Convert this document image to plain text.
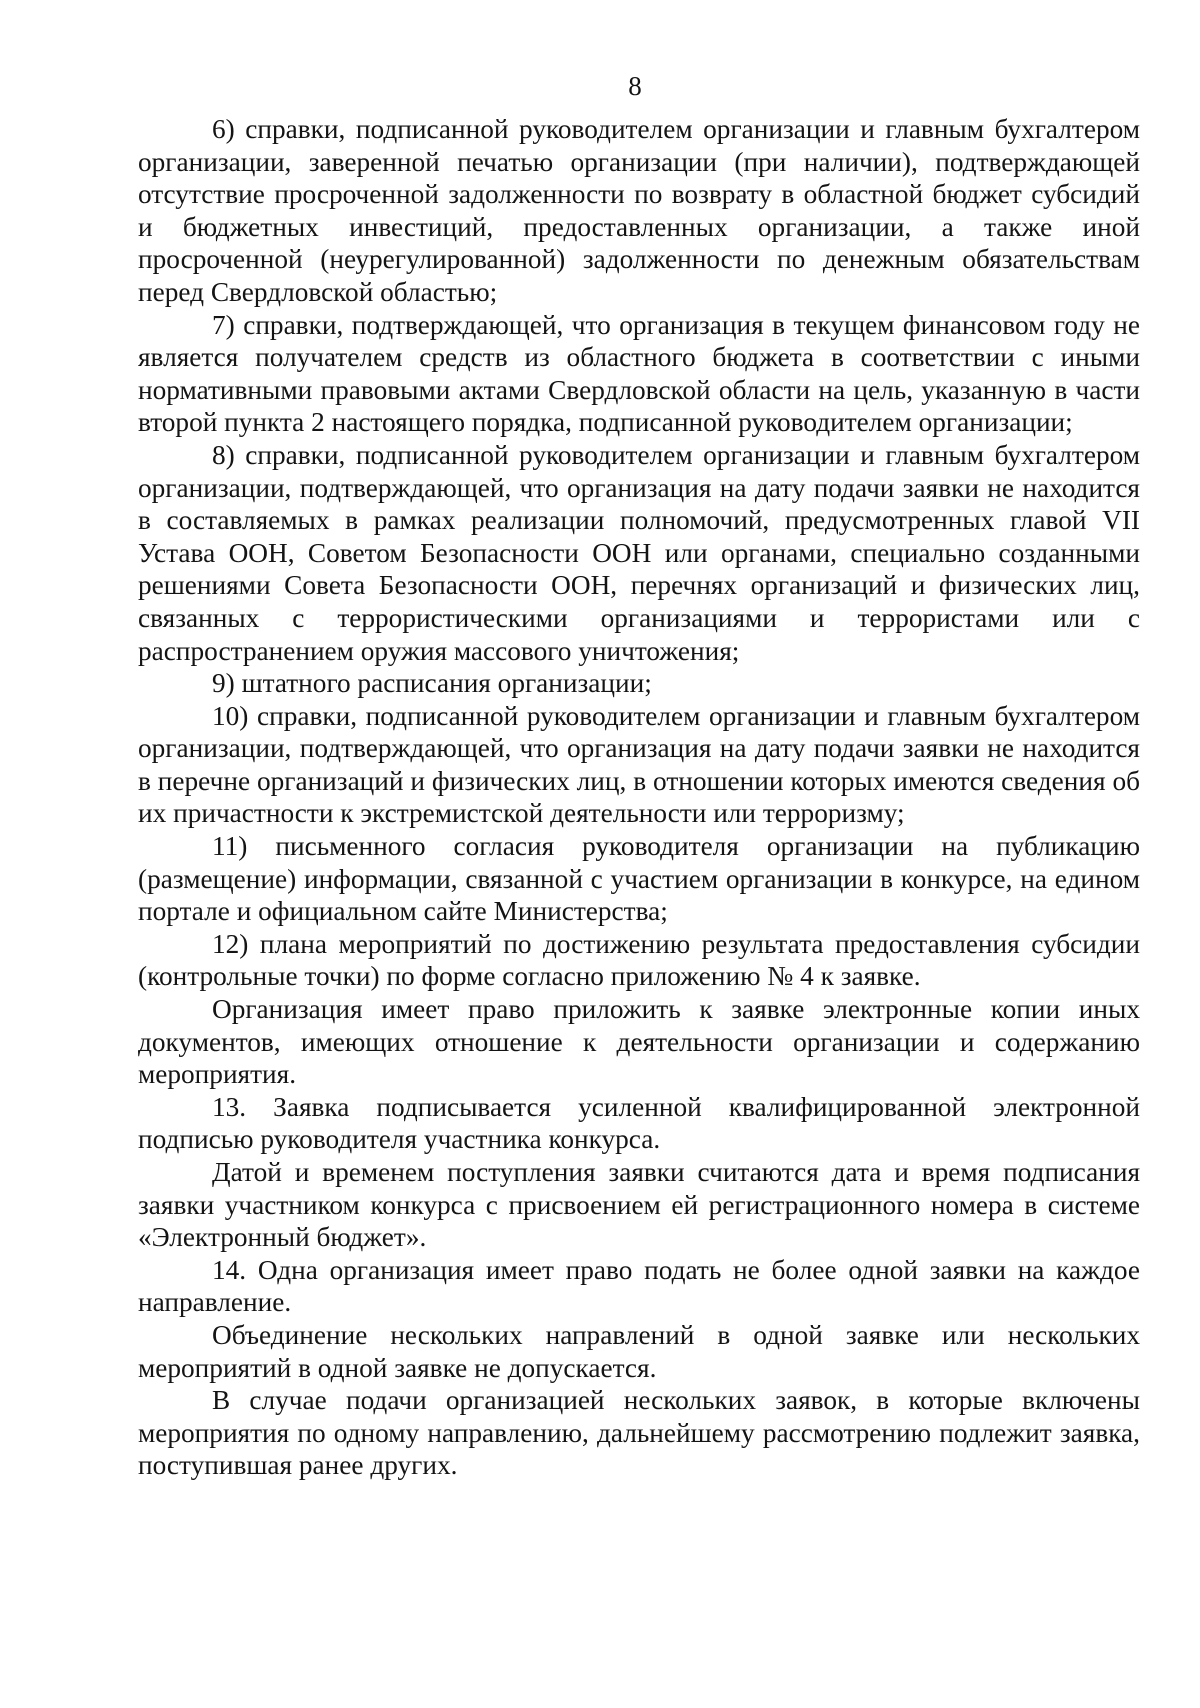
8

6) справки, подписанной руководителем организации и главным бухгалтером организации, заверенной печатью организации (при наличии), подтверждающей отсутствие просроченной задолженности по возврату в областной бюджет субсидий и бюджетных инвестиций, предоставленных организации, а также иной просроченной (неурегулированной) задолженности по денежным обязательствам перед Свердловской областью;

7) справки, подтверждающей, что организация в текущем финансовом году не является получателем средств из областного бюджета в соответствии с иными нормативными правовыми актами Свердловской области на цель, указанную в части второй пункта 2 настоящего порядка, подписанной руководителем организации;

8) справки, подписанной руководителем организации и главным бухгалтером организации, подтверждающей, что организация на дату подачи заявки не находится в составляемых в рамках реализации полномочий, предусмотренных главой VII Устава ООН, Советом Безопасности ООН или органами, специально созданными решениями Совета Безопасности ООН, перечнях организаций и физических лиц, связанных с террористическими организациями и террористами или с распространением оружия массового уничтожения;

9) штатного расписания организации;

10) справки, подписанной руководителем организации и главным бухгалтером организации, подтверждающей, что организация на дату подачи заявки не находится в перечне организаций и физических лиц, в отношении которых имеются сведения об их причастности к экстремистской деятельности или терроризму;

11) письменного согласия руководителя организации на публикацию (размещение) информации, связанной с участием организации в конкурсе, на едином портале и официальном сайте Министерства;

12) плана мероприятий по достижению результата предоставления субсидии (контрольные точки) по форме согласно приложению № 4 к заявке.

Организация имеет право приложить к заявке электронные копии иных документов, имеющих отношение к деятельности организации и содержанию мероприятия.

13. Заявка подписывается усиленной квалифицированной электронной подписью руководителя участника конкурса.

Датой и временем поступления заявки считаются дата и время подписания заявки участником конкурса с присвоением ей регистрационного номера в системе «Электронный бюджет».

14. Одна организация имеет право подать не более одной заявки на каждое направление.

Объединение нескольких направлений в одной заявке или нескольких мероприятий в одной заявке не допускается.

В случае подачи организацией нескольких заявок, в которые включены мероприятия по одному направлению, дальнейшему рассмотрению подлежит заявка, поступившая ранее других.
